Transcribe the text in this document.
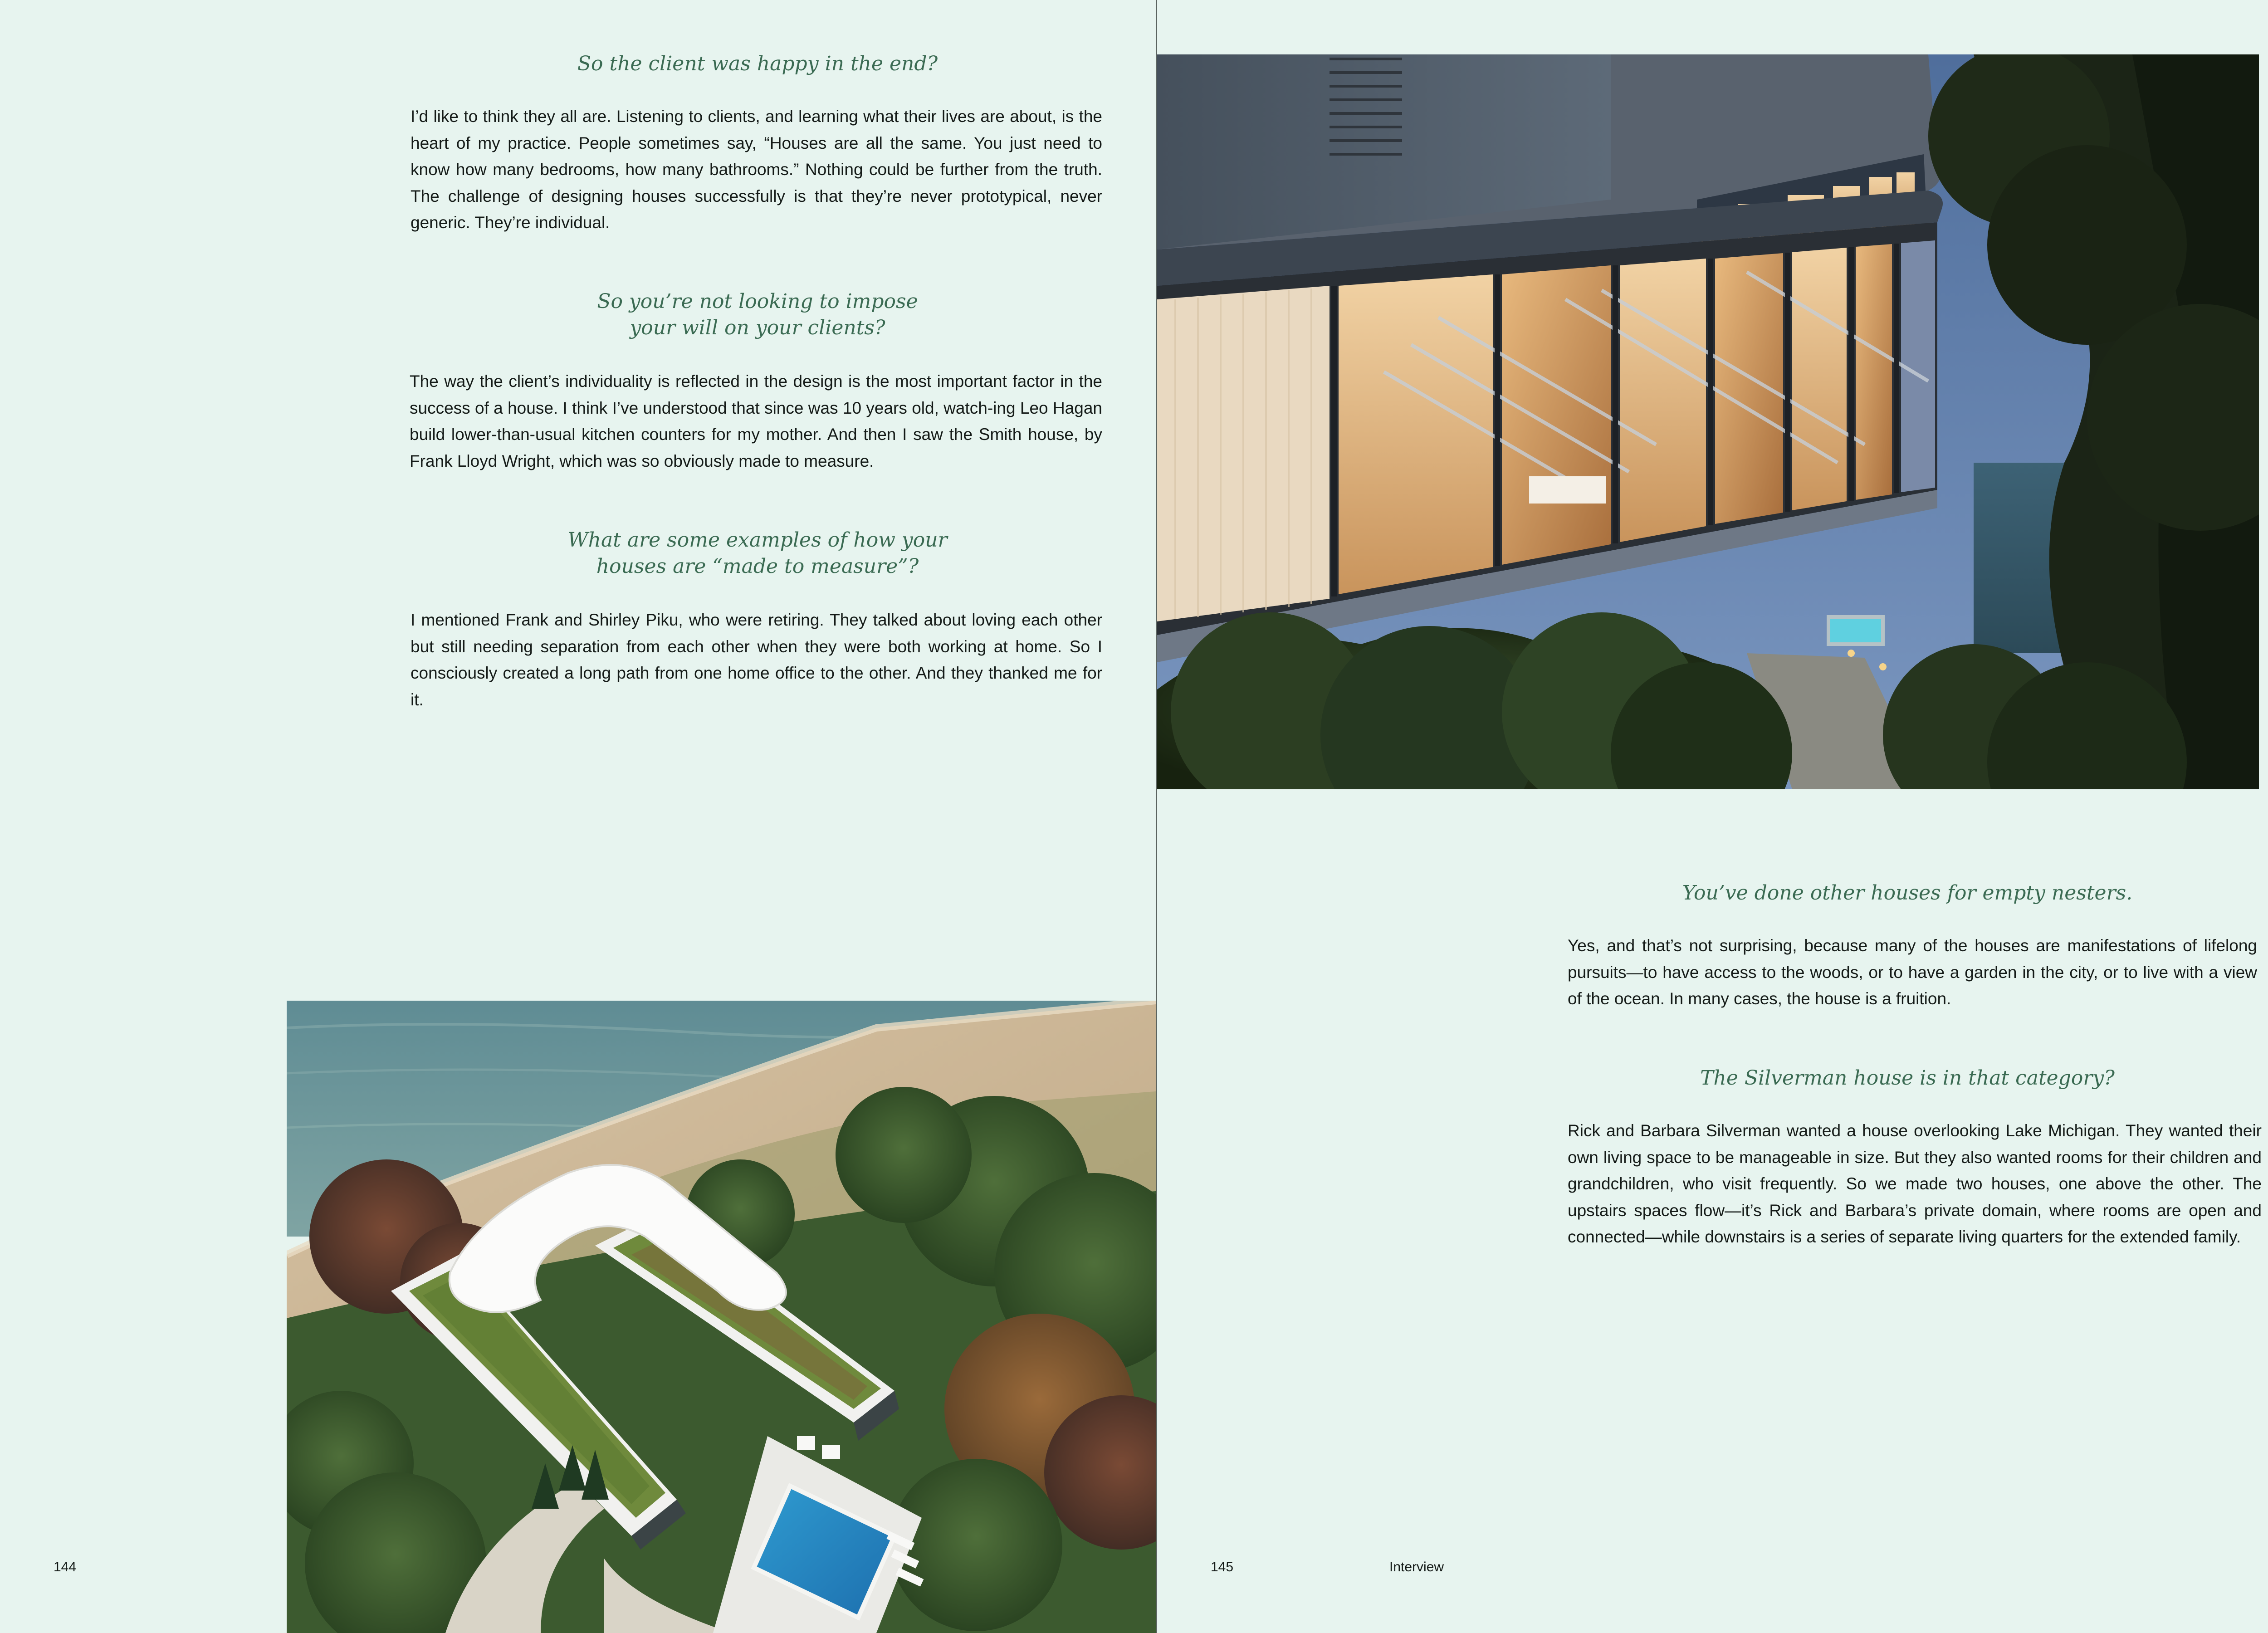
So the client was happy in the end?

I’d like to think they all are. Listening to clients, and learning what their lives are about, is the heart of my practice. People sometimes say, “Houses are all the same. You just need to know how many bedrooms, how many bathrooms.” Nothing could be further from the truth. The challenge of designing houses successfully is that they’re never prototypical, never generic. They’re individual.

So you’re not looking to impose
your will on your clients?

The way the client’s individuality is reflected in the design is the most important factor in the success of a house. I think I’ve understood that since was 10 years old, watch-ing Leo Hagan build lower-than-usual kitchen counters for my mother. And then I saw the Smith house, by Frank Lloyd Wright, which was so obviously made to measure.

What are some examples of how your
houses are “made to measure”?

I mentioned Frank and Shirley Piku, who were retiring. They talked about loving each other but still needing separation from each other when they were both working at home. So I consciously created a long path from one home office to the other. And they thanked me for it.

144

You’ve done other houses for empty nesters.

Yes, and that’s not surprising, because many of the houses are manifestations of lifelong pursuits—to have access to the woods, or to have a garden in the city, or to live with a view of the ocean. In many cases, the house is a fruition.

The Silverman house is in that category?

Rick and Barbara Silverman wanted a house overlooking Lake Michigan. They wanted their own living space to be manageable in size. But they also wanted rooms for their children and grandchildren, who visit frequently. So we made two houses, one above the other. The upstairs spaces flow—it’s Rick and Barbara’s private domain, where rooms are open and connected—while downstairs is a series of separate living quarters for the extended family.

145	Interview
